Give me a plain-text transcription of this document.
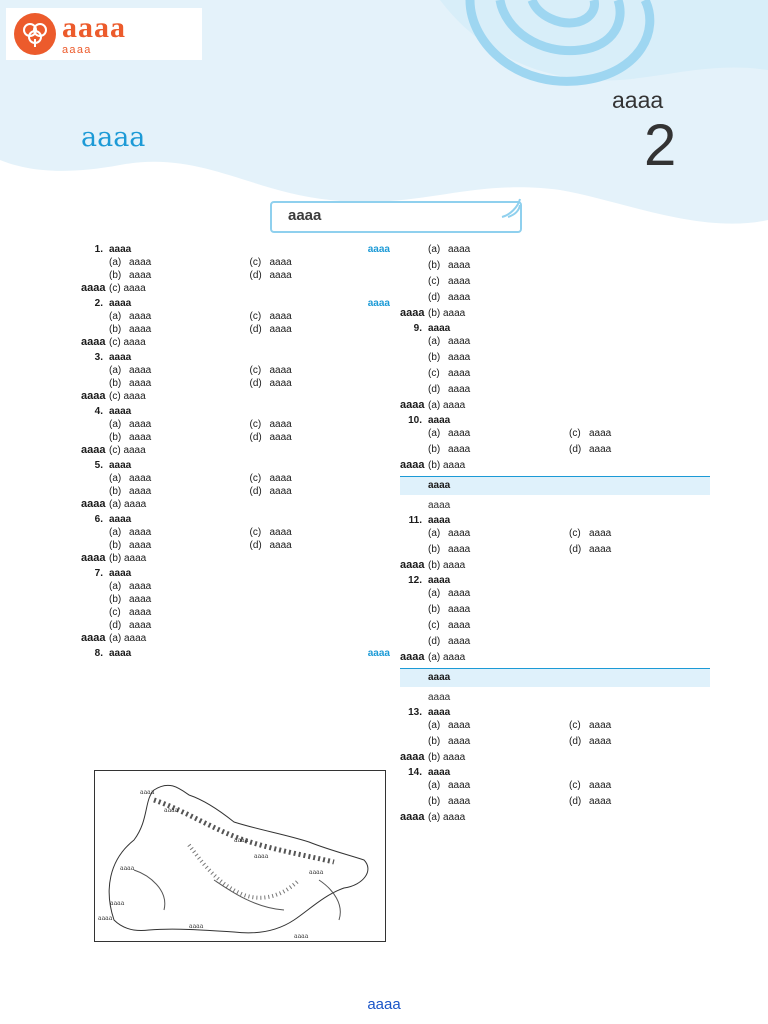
aaaa
aaaa
aaaa
2
aaaa
aaaa
1. aaaa	aaaa
(a) aaaa	(c) aaaa
(b) aaaa	(d) aaaa
aaaa (c) aaaa
2. aaaa	aaaa
(a) aaaa	(c) aaaa
(b) aaaa	(d) aaaa
aaaa (c) aaaa
3. aaaa
(a) aaaa	(c) aaaa
(b) aaaa	(d) aaaa
aaaa (c) aaaa
4. aaaa
(a) aaaa	(c) aaaa
(b) aaaa	(d) aaaa
aaaa (c) aaaa
5. aaaa
(a) aaaa	(c) aaaa
(b) aaaa	(d) aaaa
aaaa (a) aaaa
6. aaaa
(a) aaaa	(c) aaaa
(b) aaaa	(d) aaaa
aaaa (b) aaaa
7. aaaa
(a) aaaa
(b) aaaa
(c) aaaa
(d) aaaa
aaaa (a) aaaa
8. aaaa	aaaa
aaaa
aaaa
aaaa
aaaa
aaaa
aaaa
aaaa
aaaa
aaaa
aaaa
(a) aaaa
(b) aaaa
(c) aaaa
(d) aaaa
aaaa (b) aaaa
9. aaaa
(a) aaaa
(b) aaaa
(c) aaaa
(d) aaaa
aaaa (a) aaaa
10. aaaa
(a) aaaa	(c) aaaa
(b) aaaa	(d) aaaa
aaaa (b) aaaa
aaaa
aaaa
11. aaaa
(a) aaaa	(c) aaaa
(b) aaaa	(d) aaaa
aaaa (b) aaaa
12. aaaa
(a) aaaa
(b) aaaa
(c) aaaa
(d) aaaa
aaaa (a) aaaa
aaaa
aaaa
13. aaaa
(a) aaaa	(c) aaaa
(b) aaaa	(d) aaaa
aaaa (b) aaaa
14. aaaa
(a) aaaa	(c) aaaa
(b) aaaa	(d) aaaa
aaaa (a) aaaa
aaaa
